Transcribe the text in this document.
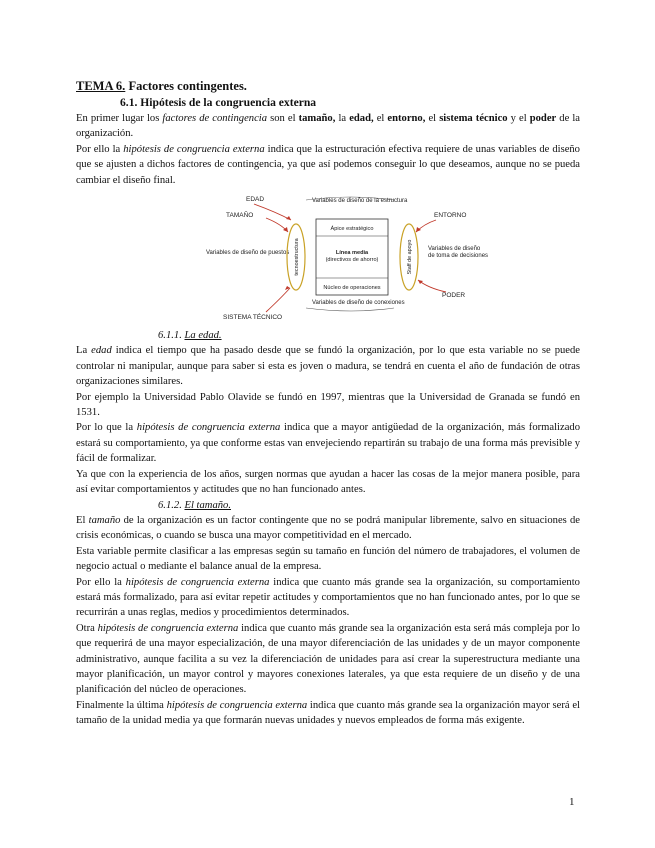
TEMA 6. Factores contingentes.

6.1. Hipótesis de la congruencia externa

En primer lugar los factores de contingencia son el tamaño, la edad, el entorno, el sistema técnico y el poder de la organización.

Por ello la hipótesis de congruencia externa indica que la estructuración efectiva requiere de unas variables de diseño que se ajusten a dichos factores de contingencia, ya que así podemos conseguir lo que deseamos, aunque no se pueda cambiar el diseño final.

EDAD
TAMAÑO	ENTORNO
PODER
SISTEMA TÉCNICO
Variables de diseño de la estructura
Variables de diseño de conexiones
Variables de diseño de puestos
Variables de diseño
de toma de decisiones
Ápice estratégico
Línea media
(directivos de ahorro)
Núcleo de operaciones
tecnoestructura	Staff de apoyo

6.1.1. La edad.

La edad indica el tiempo que ha pasado desde que se fundó la organización, por lo que esta variable no se puede controlar ni manipular, aunque para saber si esta es joven o madura, se tendrá en cuenta el año de fundación de otras organizaciones similares.

Por ejemplo la Universidad Pablo Olavide se fundó en 1997, mientras que la Universidad de Granada se fundó en 1531.

Por lo que la hipótesis de congruencia externa indica que a mayor antigüedad de la organización, más formalizado estará su comportamiento, ya que conforme estas van envejeciendo repartirán su trabajo de una forma más previsible y fácil de formalizar.

Ya que con la experiencia de los años, surgen normas que ayudan a hacer las cosas de la mejor manera posible, para así evitar comportamientos y actitudes que no han funcionado antes.

6.1.2. El tamaño.

El tamaño de la organización es un factor contingente que no se podrá manipular libremente, salvo en situaciones de crisis económicas, o cuando se busca una mayor competitividad en el mercado.

Esta variable permite clasificar a las empresas según su tamaño en función del número de trabajadores, el volumen de negocio actual o mediante el balance anual de la empresa.

Por ello la hipótesis de congruencia externa indica que cuanto más grande sea la organización, su comportamiento estará más formalizado, para así evitar repetir actitudes y comportamientos que no han funcionado antes, por lo que se recurrirán a unas reglas, medios y procedimientos determinados.

Otra hipótesis de congruencia externa indica que cuanto más grande sea la organización esta será más compleja por lo que requerirá de una mayor especialización, de una mayor diferenciación de las unidades y de un mayor componente administrativo, aunque facilita a su vez la diferenciación de unidades para así crear la superestructura mediante una mayor planificación, un mayor control y mayores conexiones laterales, ya que esta requiere de un diseño y de una planificación del núcleo de operaciones.

Finalmente la última hipótesis de congruencia externa indica que cuanto más grande sea la organización mayor será el tamaño de la unidad media ya que formarán nuevas unidades y nuevos empleados de forma más exigente.

1
